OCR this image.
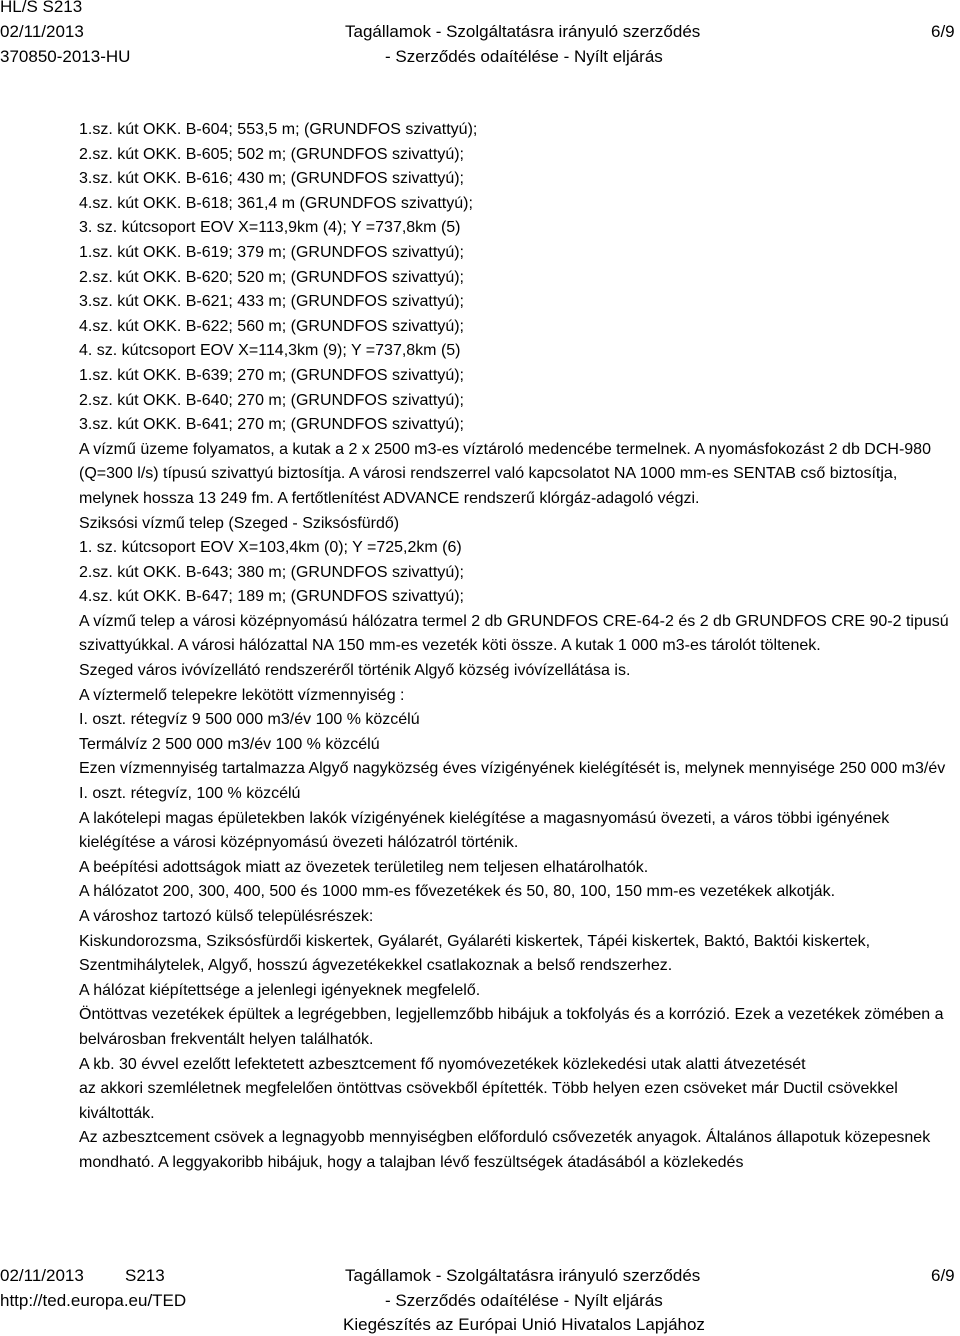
HL/S S213
02/11/2013
370850-2013-HU
Tagállamok - Szolgáltatásra irányuló szerződés
- Szerződés odaítélése - Nyílt eljárás
6/9
1.sz. kút OKK. B-604; 553,5 m; (GRUNDFOS szivattyú);
2.sz. kút OKK. B-605; 502 m; (GRUNDFOS szivattyú);
3.sz. kút OKK. B-616; 430 m; (GRUNDFOS szivattyú);
4.sz. kút OKK. B-618; 361,4 m (GRUNDFOS szivattyú);
3. sz. kútcsoport EOV X=113,9km (4); Y =737,8km (5)
1.sz. kút OKK. B-619; 379 m; (GRUNDFOS szivattyú);
2.sz. kút OKK. B-620; 520 m; (GRUNDFOS szivattyú);
3.sz. kút OKK. B-621; 433 m; (GRUNDFOS szivattyú);
4.sz. kút OKK. B-622; 560 m; (GRUNDFOS szivattyú);
4. sz. kútcsoport EOV X=114,3km (9); Y =737,8km (5)
1.sz. kút OKK. B-639; 270 m; (GRUNDFOS szivattyú);
2.sz. kút OKK. B-640; 270 m; (GRUNDFOS szivattyú);
3.sz. kút OKK. B-641; 270 m; (GRUNDFOS szivattyú);
A vízmű üzeme folyamatos, a kutak a 2 x 2500 m3-es víztároló medencébe termelnek. A nyomásfokozást 2 db DCH-980 (Q=300 l/s) típusú szivattyú biztosítja. A városi rendszerrel való kapcsolatot NA 1000 mm-es SENTAB cső biztosítja, melynek hossza 13 249 fm. A fertőtlenítést ADVANCE rendszerű klórgáz-adagoló végzi.
Sziksósi vízmű telep (Szeged - Sziksósfürdő)
1. sz. kútcsoport EOV X=103,4km (0); Y =725,2km (6)
2.sz. kút OKK. B-643; 380 m; (GRUNDFOS szivattyú);
4.sz. kút OKK. B-647; 189 m; (GRUNDFOS szivattyú);
A vízmű telep a városi középnyomású hálózatra termel 2 db GRUNDFOS CRE-64-2 és 2 db GRUNDFOS CRE 90-2 tipusú szivattyúkkal. A városi hálózattal NA 150 mm-es vezeték köti össze. A kutak 1 000 m3-es tárolót töltenek.
Szeged város ivóvízellátó rendszeréről történik Algyő község ivóvízellátása is.
A víztermelő telepekre lekötött vízmennyiség :
I. oszt. rétegvíz 9 500 000 m3/év 100 % közcélú
Termálvíz 2 500 000 m3/év 100 % közcélú
Ezen vízmennyiség tartalmazza Algyő nagyközség éves vízigényének kielégítését is, melynek mennyisége 250 000 m3/év I. oszt. rétegvíz, 100 % közcélú
A lakótelepi magas épületekben lakók vízigényének kielégítése a magasnyomású övezeti, a város többi igényének kielégítése a városi középnyomású övezeti hálózatról történik.
A beépítési adottságok miatt az övezetek területileg nem teljesen elhatárolhatók.
A hálózatot 200, 300, 400, 500 és 1000 mm-es fővezetékek és 50, 80, 100, 150 mm-es vezetékek alkotják.
A városhoz tartozó külső településrészek:
Kiskundorozsma, Sziksósfürdői kiskertek, Gyálarét, Gyálaréti kiskertek, Tápéi kiskertek, Baktó, Baktói kiskertek, Szentmihálytelek, Algyő, hosszú ágvezetékekkel csatlakoznak a belső rendszerhez.
A hálózat kiépítettsége a jelenlegi igényeknek megfelelő.
Öntöttvas vezetékek épültek a legrégebben, legjellemzőbb hibájuk a tokfolyás és a korrózió. Ezek a vezetékek zömében a belvárosban frekventált helyen találhatók.
A kb. 30 évvel ezelőtt lefektetett azbesztcement fő nyomóvezetékek közlekedési utak alatti átvezetését
az akkori szemléletnek megfelelően öntöttvas csövekből építették. Több helyen ezen csöveket már Ductil csövekkel kiváltották.
Az azbesztcement csövek a legnagyobb mennyiségben előforduló csővezeték anyagok. Általános állapotuk közepesnek mondható. A leggyakoribb hibájuk, hogy a talajban lévő feszültségek átadásából a közlekedés
02/11/2013 S213
http://ted.europa.eu/TED
Tagállamok - Szolgáltatásra irányuló szerződés
- Szerződés odaítélése - Nyílt eljárás
Kiegészítés az Európai Unió Hivatalos Lapjához
6/9
